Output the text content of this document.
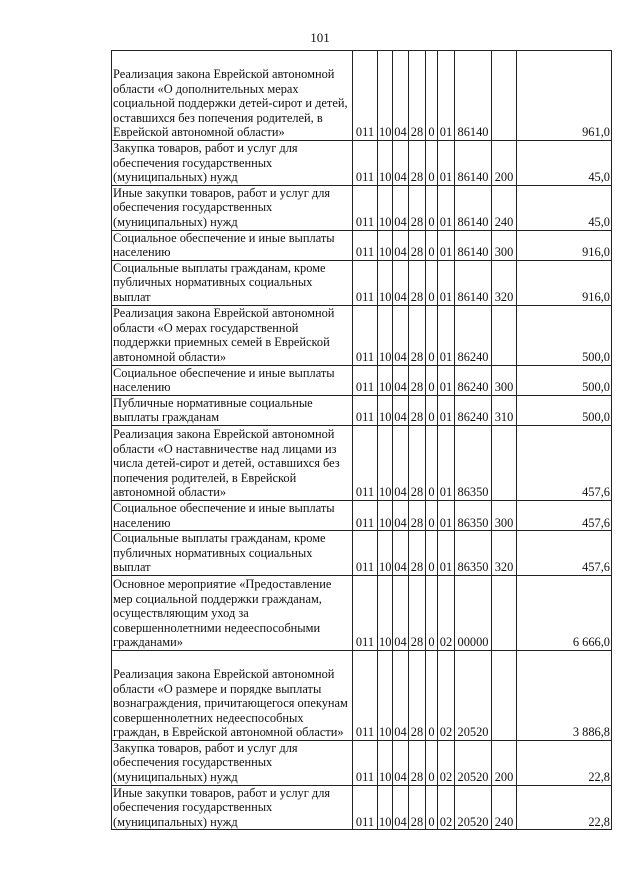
101
Реализация закона Еврейской автономной области «О дополнительных мерах социальной поддержки детей-сирот и детей, оставшихся без попечения родителей, в Еврейской автономной области»	011	10	04	28	0	01	86140		961,0
Закупка товаров, работ и услуг для обеспечения государственных (муниципальных) нужд	011	10	04	28	0	01	86140	200	45,0
Иные закупки товаров, работ и услуг для обеспечения государственных (муниципальных) нужд	011	10	04	28	0	01	86140	240	45,0
Социальное обеспечение и иные выплаты населению	011	10	04	28	0	01	86140	300	916,0
Социальные выплаты гражданам, кроме публичных нормативных социальных выплат	011	10	04	28	0	01	86140	320	916,0
Реализация закона Еврейской автономной области «О мерах государственной поддержки приемных семей в Еврейской автономной области»	011	10	04	28	0	01	86240		500,0
Социальное обеспечение и иные выплаты населению	011	10	04	28	0	01	86240	300	500,0
Публичные нормативные социальные выплаты гражданам	011	10	04	28	0	01	86240	310	500,0
Реализация закона Еврейской автономной области «О наставничестве над лицами из числа детей-сирот и детей, оставшихся без попечения родителей, в Еврейской автономной области»	011	10	04	28	0	01	86350		457,6
Социальное обеспечение и иные выплаты населению	011	10	04	28	0	01	86350	300	457,6
Социальные выплаты гражданам, кроме публичных нормативных социальных выплат	011	10	04	28	0	01	86350	320	457,6
Основное мероприятие «Предоставление мер социальной поддержки гражданам, осуществляющим уход за совершеннолетними недееспособными гражданами»	011	10	04	28	0	02	00000		6 666,0
Реализация закона Еврейской автономной области «О размере и порядке выплаты вознаграждения, причитающегося опекунам совершеннолетних недееспособных граждан, в Еврейской автономной области»	011	10	04	28	0	02	20520		3 886,8
Закупка товаров, работ и услуг для обеспечения государственных (муниципальных) нужд	011	10	04	28	0	02	20520	200	22,8
Иные закупки товаров, работ и услуг для обеспечения государственных (муниципальных) нужд	011	10	04	28	0	02	20520	240	22,8
